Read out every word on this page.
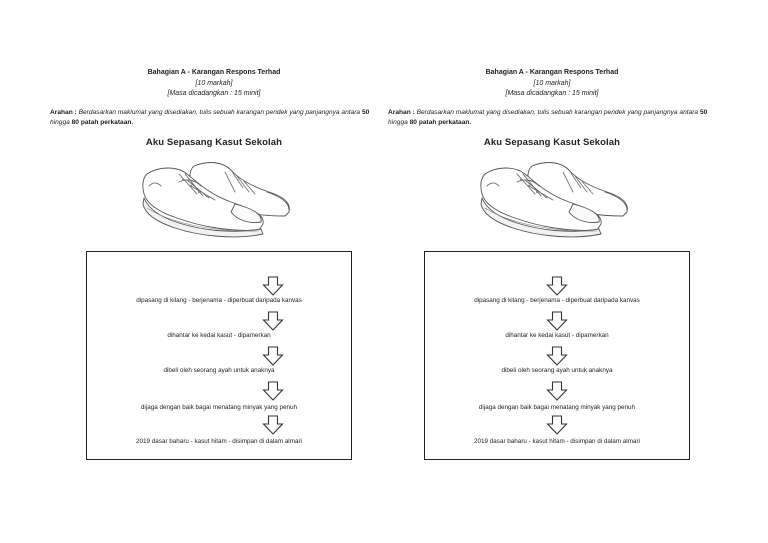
Bahagian A - Karangan Respons Terhad
[10 markah]
[Masa dicadangkan : 15 minit]
Arahan : Berdasarkan maklumat yang disediakan, tulis sebuah karangan pendek yang panjangnya antara 50 hingga 80 patah perkataan.
Aku Sepasang Kasut Sekolah
dipasang di kilang - berjenama - diperbuat daripada kanvas
dihantar ke kedai kasut - dipamerkan
dibeli oleh seorang ayah untuk anaknya
dijaga dengan baik bagai menatang minyak yang penuh
2019 dasar baharu - kasut hitam - disimpan di dalam almari
Bahagian A - Karangan Respons Terhad
[10 markah]
[Masa dicadangkan : 15 minit]
Arahan : Berdasarkan maklumat yang disediakan, tulis sebuah karangan pendek yang panjangnya antara 50 hingga 80 patah perkataan.
Aku Sepasang Kasut Sekolah
dipasang di kilang - berjenama - diperbuat daripada kanvas
dihantar ke kedai kasut - dipamerkan
dibeli oleh seorang ayah untuk anaknya
dijaga dengan baik bagai menatang minyak yang penuh
2019 dasar baharu - kasut hitam - disimpan di dalam almari
